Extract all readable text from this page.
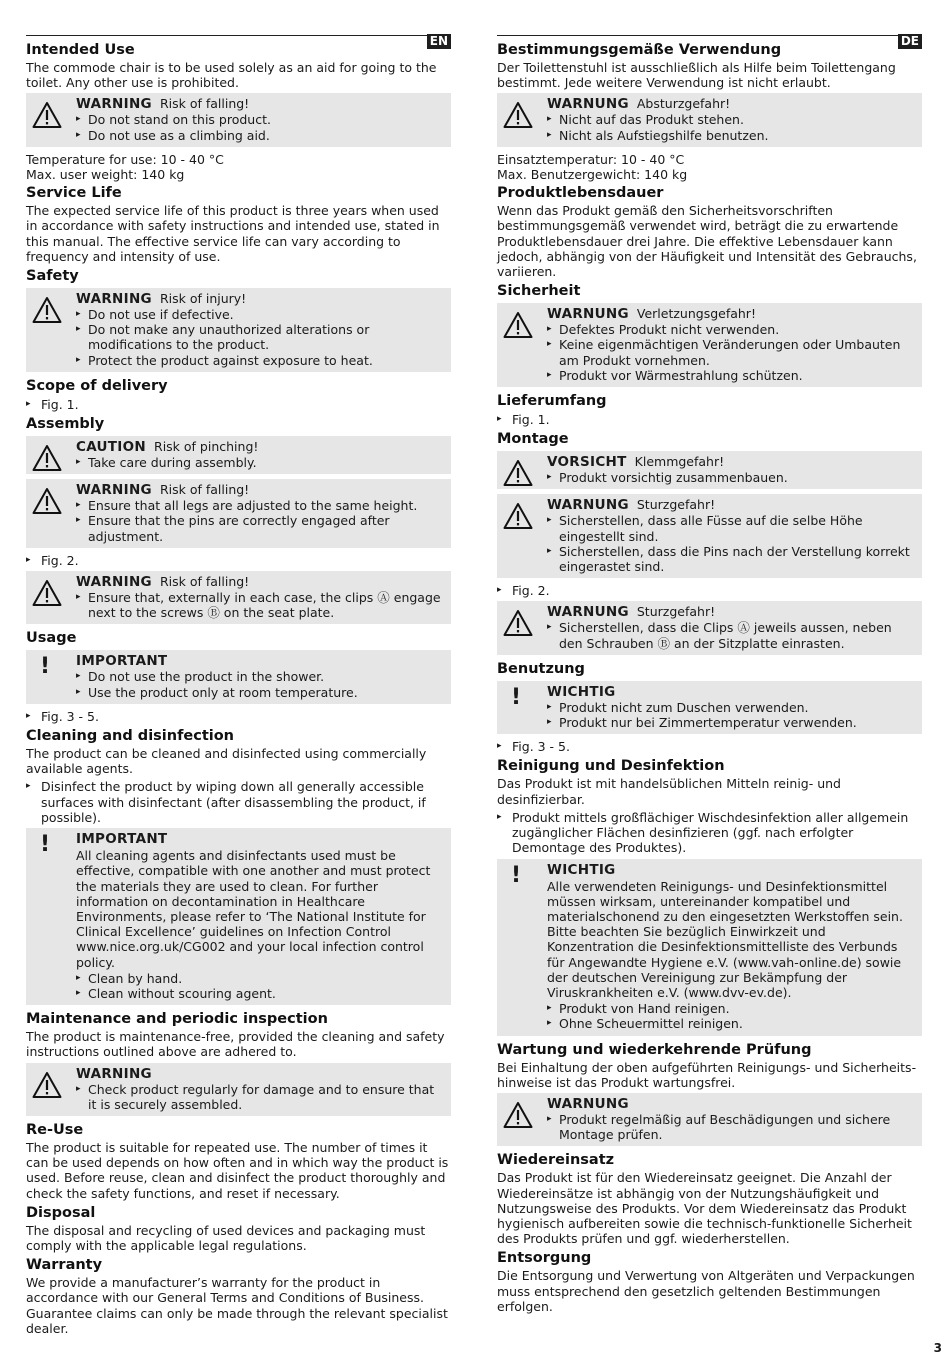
EN
Intended Use

The commode chair is to be used solely as an aid for going to the toilet. Any other use is prohibited.

WARNING Risk of falling!
▸ Do not stand on this product.
▸ Do not use as a climbing aid.
Temperature for use: 10 - 40 °C
Max. user weight: 140 kg
Service Life

The expected service life of this product is three years when used in accordance with safety instructions and intended use, stated in this manual. The effective service life can vary according to frequency and intensity of use.

Safety
WARNING Risk of injury!
▸ Do not use if defective.
▸ Do not make any unauthorized alterations or modifications to the product.
▸ Protect the product against exposure to heat.
Scope of delivery
▸ Fig. 1.
Assembly
CAUTION Risk of pinching!
▸ Take care during assembly.
WARNING Risk of falling!
▸ Ensure that all legs are adjusted to the same height.
▸ Ensure that the pins are correctly engaged after adjustment.
▸ Fig. 2.
WARNING Risk of falling!
▸ Ensure that, externally in each case, the clips Ⓐ engage next to the screws Ⓑ on the seat plate.
Usage
! IMPORTANT
▸ Do not use the product in the shower.
▸ Use the product only at room temperature.
▸ Fig. 3 - 5.
Cleaning and disinfection

The product can be cleaned and disinfected using commercially available agents.

▸ Disinfect the product by wiping down all generally accessible surfaces with disinfectant (after disassembling the product, if possible).
! IMPORTANT
All cleaning agents and disinfectants used must be effective, compatible with one another and must protect the materials they are used to clean. For further information on decontamination in Healthcare Environments, please refer to ‘The National Institute for Clinical Excellence’ guidelines on Infection Control www.nice.org.uk/CG002 and your local infection control policy.
▸ Clean by hand.
▸ Clean without scouring agent.
Maintenance and periodic inspection

The product is maintenance-free, provided the cleaning and safety instructions outlined above are adhered to.

WARNING
▸ Check product regularly for damage and to ensure that it is securely assembled.
Re-Use

The product is suitable for repeated use. The number of times it can be used depends on how often and in which way the product is used. Before reuse, clean and disinfect the product thoroughly and check the safety functions, and reset if necessary.

Disposal

The disposal and recycling of used devices and packaging must comply with the applicable legal regulations.

Warranty

We provide a manufacturer’s warranty for the product in accordance with our General Terms and Conditions of Business. Guarantee claims can only be made through the relevant specialist dealer.

DE
Bestimmungsgemäße Verwendung

Der Toilettenstuhl ist ausschließlich als Hilfe beim Toilettengang bestimmt. Jede weitere Verwendung ist nicht erlaubt.

WARNUNG Absturzgefahr!
▸ Nicht auf das Produkt stehen.
▸ Nicht als Aufstiegshilfe benutzen.
Einsatztemperatur: 10 - 40 °C
Max. Benutzergewicht: 140 kg
Produktlebensdauer

Wenn das Produkt gemäß den Sicherheitsvorschriften bestimmungsgemäß verwendet wird, beträgt die zu erwartende Produktlebensdauer drei Jahre. Die effektive Lebensdauer kann jedoch, abhängig von der Häufigkeit und Intensität des Gebrauchs, variieren.

Sicherheit
WARNUNG Verletzungsgefahr!
▸ Defektes Produkt nicht verwenden.
▸ Keine eigenmächtigen Veränderungen oder Umbauten am Produkt vornehmen.
▸ Produkt vor Wärmestrahlung schützen.
Lieferumfang
▸ Fig. 1.
Montage
VORSICHT Klemmgefahr!
▸ Produkt vorsichtig zusammenbauen.
WARNUNG Sturzgefahr!
▸ Sicherstellen, dass alle Füsse auf die selbe Höhe eingestellt sind.
▸ Sicherstellen, dass die Pins nach der Verstellung korrekt eingerastet sind.
▸ Fig. 2.
WARNUNG Sturzgefahr!
▸ Sicherstellen, dass die Clips Ⓐ jeweils aussen, neben den Schrauben Ⓑ an der Sitzplatte einrasten.
Benutzung
! WICHTIG
▸ Produkt nicht zum Duschen verwenden.
▸ Produkt nur bei Zimmertemperatur verwenden.
▸ Fig. 3 - 5.
Reinigung und Desinfektion

Das Produkt ist mit handelsüblichen Mitteln reinig- und desinfizierbar.

▸ Produkt mittels großflächiger Wischdesinfektion aller allgemein zugänglicher Flächen desinfizieren (ggf. nach erfolgter Demontage des Produktes).
! WICHTIG
Alle verwendeten Reinigungs- und Desinfektionsmittel müssen wirksam, untereinander kompatibel und materialschonend zu den eingesetzten Werkstoffen sein. Bitte beachten Sie bezüglich Einwirkzeit und Konzentration die Desinfektionsmittelliste des Verbunds für Angewandte Hygiene e.V. (www.vah-online.de) sowie der deutschen Vereinigung zur Bekämpfung der Viruskrankheiten e.V. (www.dvv-ev.de).
▸ Produkt von Hand reinigen.
▸ Ohne Scheuermittel reinigen.
Wartung und wiederkehrende Prüfung

Bei Einhaltung der oben aufgeführten Reinigungs- und Sicherheitshinweise ist das Produkt wartungsfrei.

WARNUNG
▸ Produkt regelmäßig auf Beschädigungen und sichere Montage prüfen.
Wiedereinsatz

Das Produkt ist für den Wiedereinsatz geeignet. Die Anzahl der Wiedereinsätze ist abhängig von der Nutzungshäufigkeit und Nutzungsweise des Produkts. Vor dem Wiedereinsatz das Produkt hygienisch aufbereiten sowie die technisch-funktionelle Sicherheit des Produkts prüfen und ggf. wiederherstellen.

Entsorgung

Die Entsorgung und Verwertung von Altgeräten und Verpackungen muss entsprechend den gesetzlich geltenden Bestimmungen erfolgen.

3
